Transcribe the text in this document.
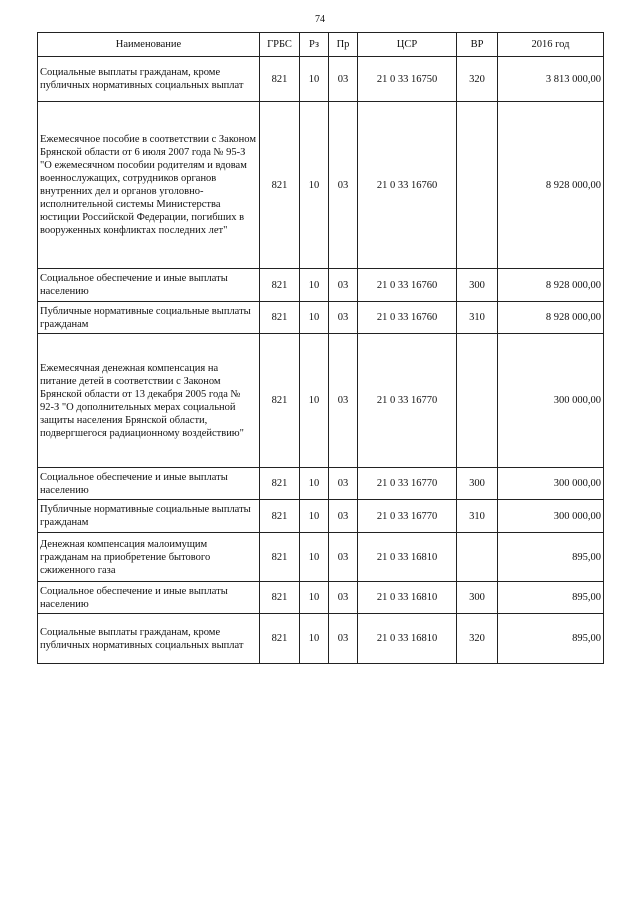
74
Наименование	ГРБС	Рз	Пр	ЦСР	ВР	2016 год
Социальные выплаты гражданам, кроме публичных нормативных социальных выплат	821	10	03	21 0 33 16750	320	3 813 000,00
Ежемесячное пособие в соответствии с Законом Брянской области от 6 июля 2007 года № 95-З "О ежемесячном пособии родителям и вдовам военнослужащих, сотрудников органов внутренних дел и органов уголовно-исполнительной системы Министерства юстиции Российской Федерации, погибших в вооруженных конфликтах последних лет"	821	10	03	21 0 33 16760		8 928 000,00
Социальное обеспечение и иные выплаты населению	821	10	03	21 0 33 16760	300	8 928 000,00
Публичные нормативные социальные выплаты гражданам	821	10	03	21 0 33 16760	310	8 928 000,00
Ежемесячная денежная компенсация на питание детей в соответствии с Законом Брянской области от 13 декабря 2005 года № 92-З "О дополнительных мерах социальной защиты населения Брянской области, подвергшегося радиационному воздействию"	821	10	03	21 0 33 16770		300 000,00
Социальное обеспечение и иные выплаты населению	821	10	03	21 0 33 16770	300	300 000,00
Публичные нормативные социальные выплаты гражданам	821	10	03	21 0 33 16770	310	300 000,00
Денежная компенсация малоимущим гражданам на приобретение бытового сжиженного газа	821	10	03	21 0 33 16810		895,00
Социальное обеспечение и иные выплаты населению	821	10	03	21 0 33 16810	300	895,00
Социальные выплаты гражданам, кроме публичных нормативных социальных выплат	821	10	03	21 0 33 16810	320	895,00
